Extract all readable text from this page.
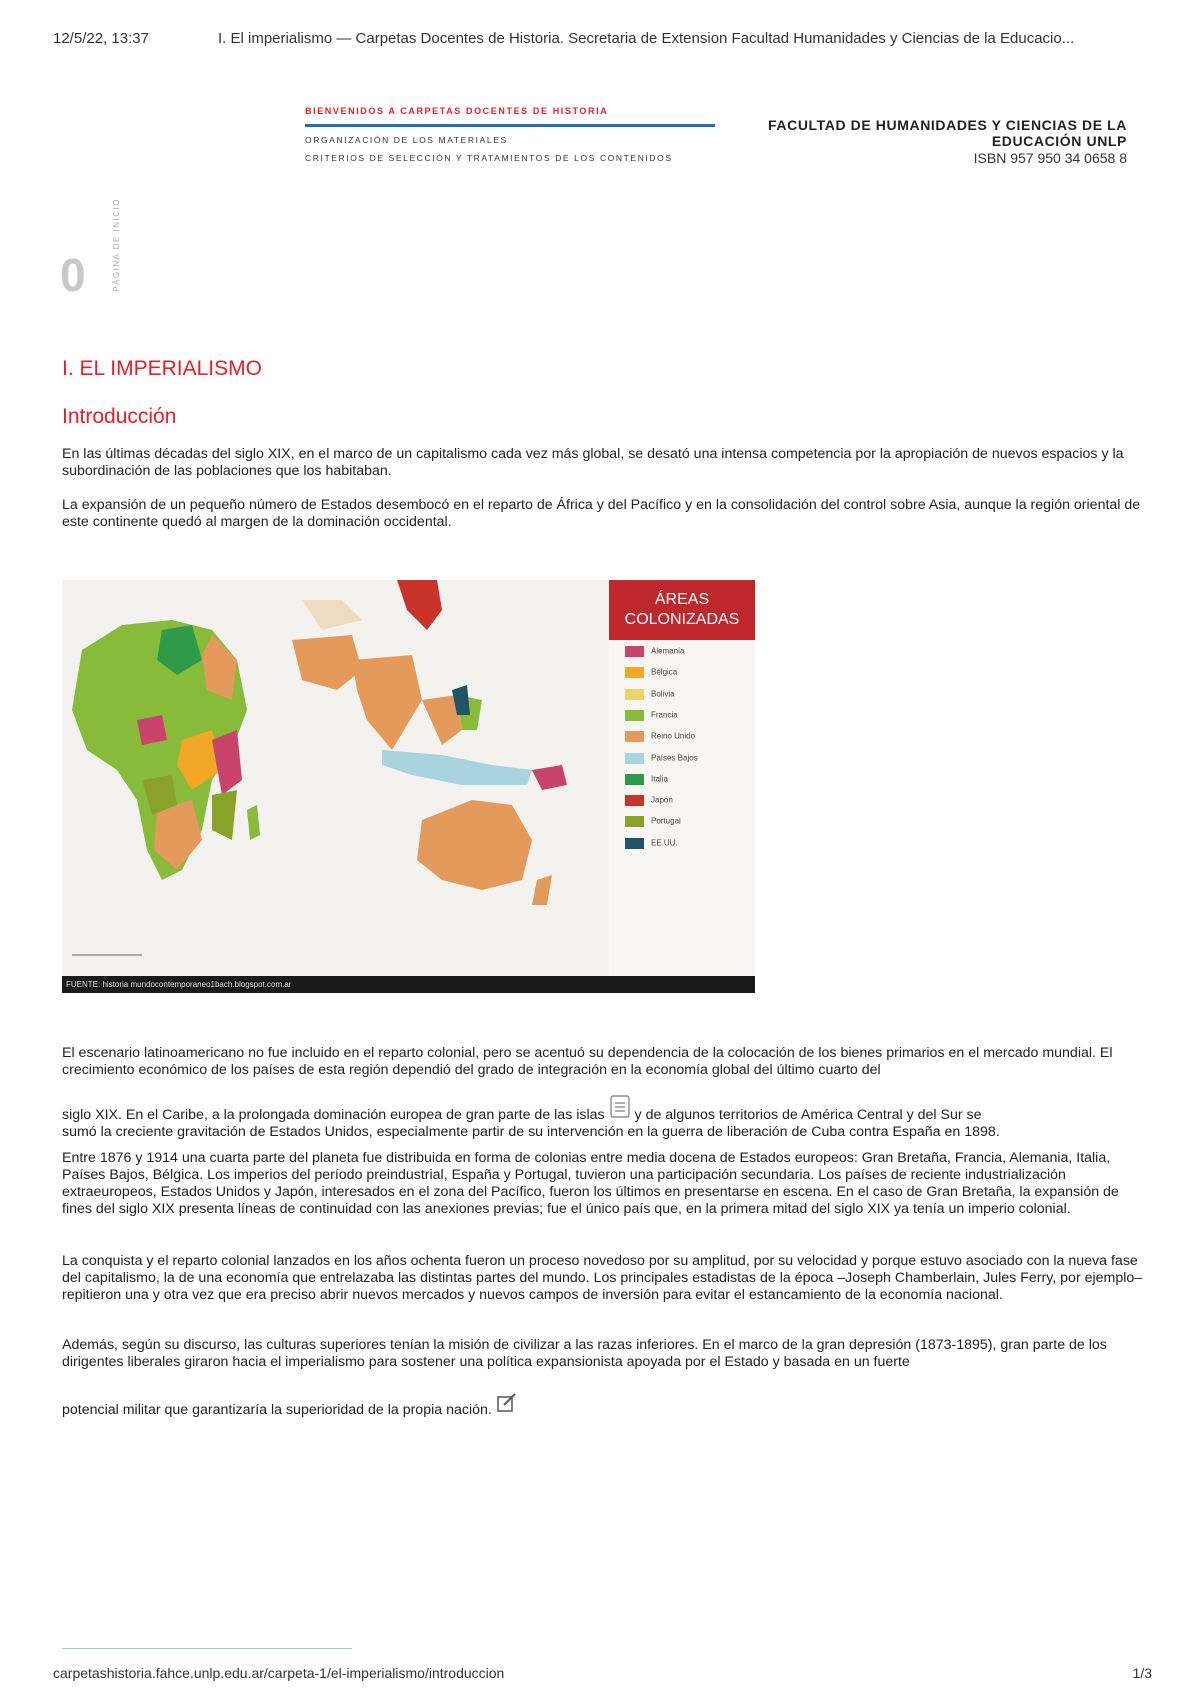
12/5/22, 13:37	I. El imperialismo — Carpetas Docentes de Historia. Secretaria de Extension Facultad Humanidades y Ciencias de la Educacio...
BIENVENIDOS A CARPETAS DOCENTES DE HISTORIA
ORGANIZACIÓN DE LOS MATERIALES
CRITERIOS DE SELECCIÓN Y TRATAMIENTOS DE LOS CONTENIDOS
FACULTAD DE HUMANIDADES Y CIENCIAS DE LA
EDUCACIÓN UNLP
ISBN 957 950 34 0658 8
0	PÁGINA DE INICIO
I. EL IMPERIALISMO
Introducción
En las últimas décadas del siglo XIX, en el marco de un capitalismo cada vez más global, se desató una intensa competencia por la apropiación de nuevos espacios y la subordinación de las poblaciones que los habitaban.
La expansión de un pequeño número de Estados desembocó en el reparto de África y del Pacífico y en la consolidación del control sobre Asia, aunque la región oriental de este continente quedó al margen de la dominación occidental.
ÁREAS
COLONIZADAS
Alemania
Bélgica
Bolivia
Francia
Reino Unido
Países Bajos
Italia
Japón
Portugal
EE.UU.
FUENTE: historia mundocontemporaneo1bach.blogspot.com.ar
El escenario latinoamericano no fue incluido en el reparto colonial, pero se acentuó su dependencia de la colocación de los bienes primarios en el mercado mundial. El crecimiento económico de los países de esta región dependió del grado de integración en la economía global del último cuarto del
siglo XIX. En el Caribe, a la prolongada dominación europea de gran parte de las islas y de algunos territorios de América Central y del Sur se
sumó la creciente gravitación de Estados Unidos, especialmente partir de su intervención en la guerra de liberación de Cuba contra España en 1898.
Entre 1876 y 1914 una cuarta parte del planeta fue distribuida en forma de colonias entre media docena de Estados europeos: Gran Bretaña, Francia, Alemania, Italia, Países Bajos, Bélgica. Los imperios del período preindustrial, España y Portugal, tuvieron una participación secundaria. Los países de reciente industrialización extraeuropeos, Estados Unidos y Japón, interesados en el zona del Pacífico, fueron los últimos en presentarse en escena. En el caso de Gran Bretaña, la expansión de fines del siglo XIX presenta líneas de continuidad con las anexiones previas; fue el único país que, en la primera mitad del siglo XIX ya tenía un imperio colonial.
La conquista y el reparto colonial lanzados en los años ochenta fueron un proceso novedoso por su amplitud, por su velocidad y porque estuvo asociado con la nueva fase del capitalismo, la de una economía que entrelazaba las distintas partes del mundo. Los principales estadistas de la época –Joseph Chamberlain, Jules Ferry, por ejemplo– repitieron una y otra vez que era preciso abrir nuevos mercados y nuevos campos de inversión para evitar el estancamiento de la economía nacional.
Además, según su discurso, las culturas superiores tenían la misión de civilizar a las razas inferiores. En el marco de la gran depresión (1873-1895), gran parte de los dirigentes liberales giraron hacia el imperialismo para sostener una política expansionista apoyada por el Estado y basada en un fuerte
potencial militar que garantizaría la superioridad de la propia nación.
carpetashistoria.fahce.unlp.edu.ar/carpeta-1/el-imperialismo/introduccion	1/3
